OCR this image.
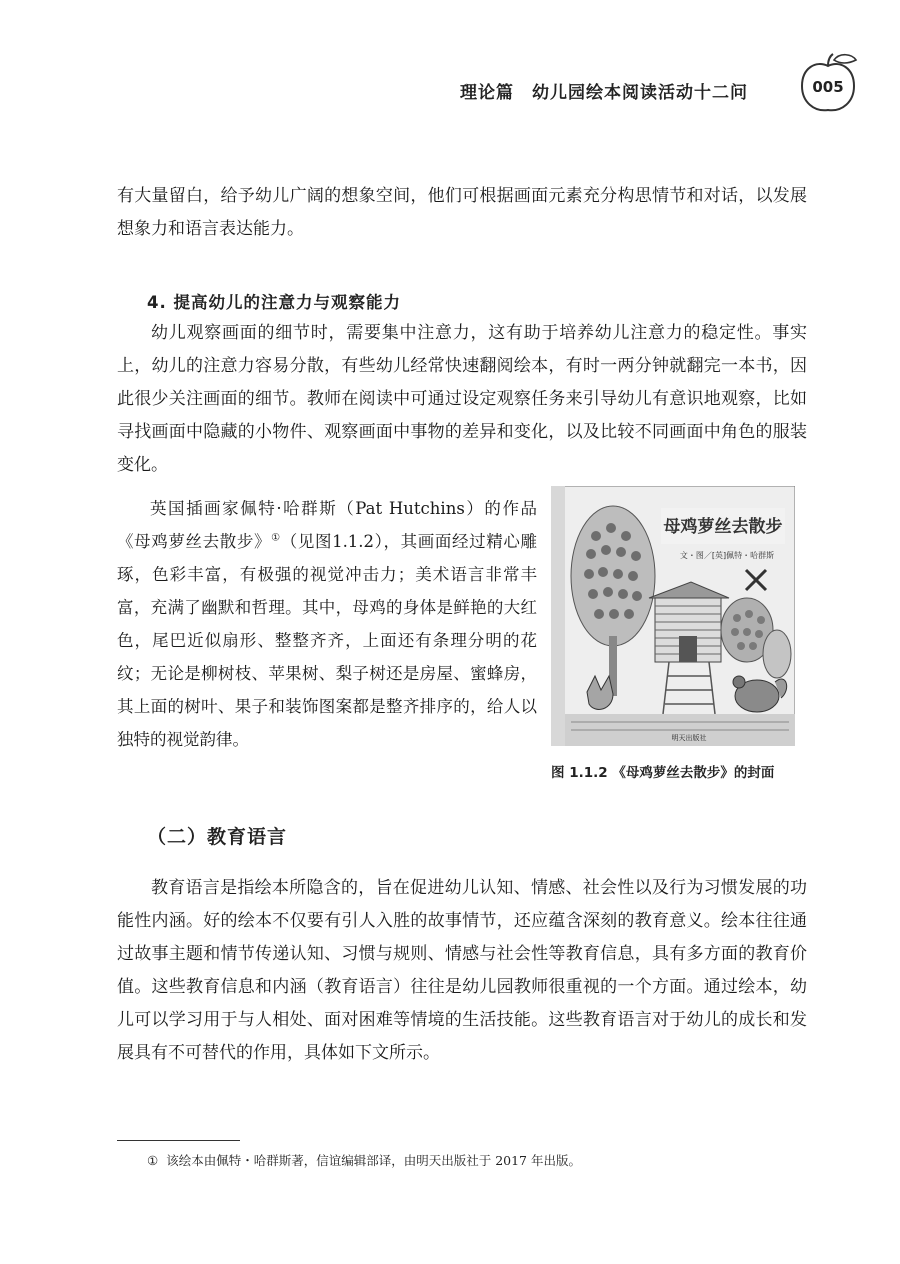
理论篇　幼儿园绘本阅读活动十二问	005

有大量留白，给予幼儿广阔的想象空间，他们可根据画面元素充分构思情节和对话，以发展想象力和语言表达能力。

4. 提高幼儿的注意力与观察能力

幼儿观察画面的细节时，需要集中注意力，这有助于培养幼儿注意力的稳定性。事实上，幼儿的注意力容易分散，有些幼儿经常快速翻阅绘本，有时一两分钟就翻完一本书，因此很少关注画面的细节。教师在阅读中可通过设定观察任务来引导幼儿有意识地观察，比如寻找画面中隐藏的小物件、观察画面中事物的差异和变化，以及比较不同画面中角色的服装变化。

英国插画家佩特·哈群斯（Pat Hutchins）的作品《母鸡萝丝去散步》①（见图1.1.2），其画面经过精心雕琢，色彩丰富，有极强的视觉冲击力；美术语言非常丰富，充满了幽默和哲理。其中，母鸡的身体是鲜艳的大红色，尾巴近似扇形、整整齐齐，上面还有条理分明的花纹；无论是柳树枝、苹果树、梨子树还是房屋、蜜蜂房，其上面的树叶、果子和装饰图案都是整齐排序的，给人以独特的视觉韵律。

母鸡萝丝去散步
文・图／[英]佩特・哈群斯
明天出版社
图 1.1.2 《母鸡萝丝去散步》的封面
（二）教育语言

教育语言是指绘本所隐含的，旨在促进幼儿认知、情感、社会性以及行为习惯发展的功能性内涵。好的绘本不仅要有引人入胜的故事情节，还应蕴含深刻的教育意义。绘本往往通过故事主题和情节传递认知、习惯与规则、情感与社会性等教育信息，具有多方面的教育价值。这些教育信息和内涵（教育语言）往往是幼儿园教师很重视的一个方面。通过绘本，幼儿可以学习用于与人相处、面对困难等情境的生活技能。这些教育语言对于幼儿的成长和发展具有不可替代的作用，具体如下文所示。

① 该绘本由佩特・哈群斯著，信谊编辑部译，由明天出版社于 2017 年出版。
